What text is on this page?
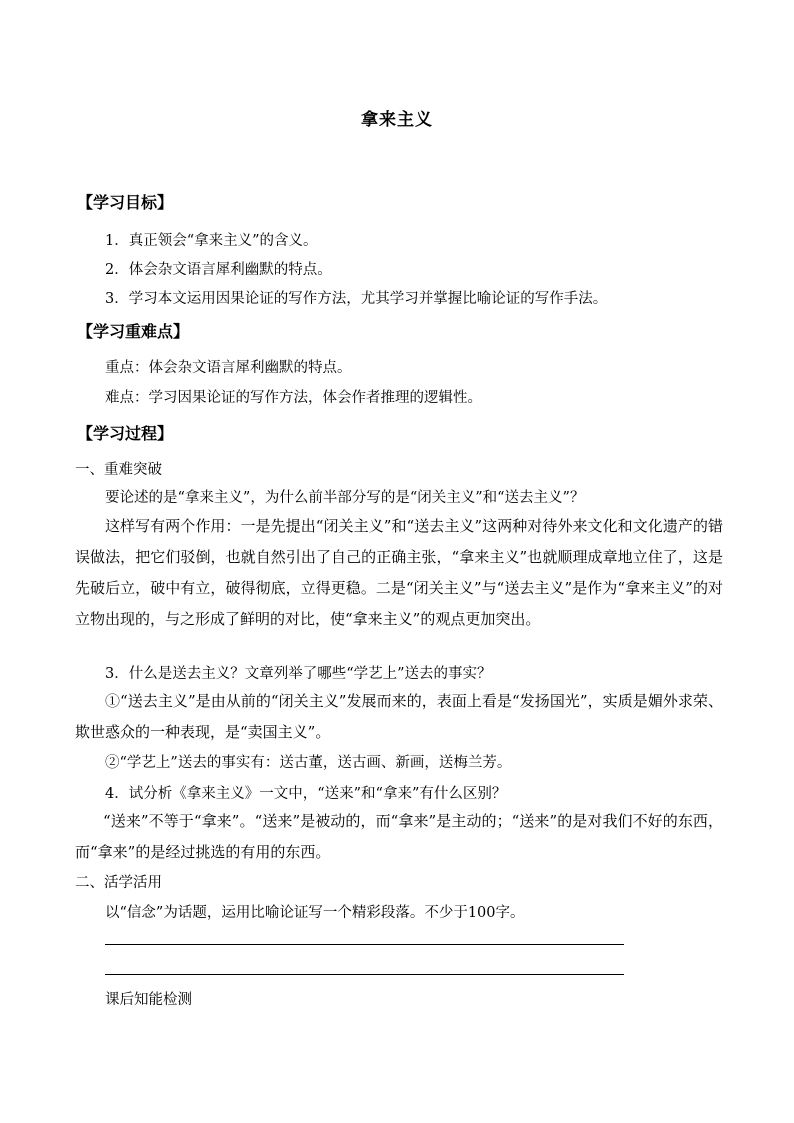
拿来主义
【学习目标】
1．真正领会“拿来主义”的含义。
2．体会杂文语言犀利幽默的特点。
3．学习本文运用因果论证的写作方法，尤其学习并掌握比喻论证的写作手法。
【学习重难点】
重点：体会杂文语言犀利幽默的特点。
难点：学习因果论证的写作方法，体会作者推理的逻辑性。
【学习过程】
一、重难突破
要论述的是“拿来主义”，为什么前半部分写的是“闭关主义”和“送去主义”？
这样写有两个作用：一是先提出“闭关主义”和“送去主义”这两种对待外来文化和文化遗产的错误做法，把它们驳倒，也就自然引出了自己的正确主张，“拿来主义”也就顺理成章地立住了，这是先破后立，破中有立，破得彻底，立得更稳。二是“闭关主义”与“送去主义”是作为“拿来主义”的对立物出现的，与之形成了鲜明的对比，使“拿来主义”的观点更加突出。
3．什么是送去主义？文章列举了哪些“学艺上”送去的事实？
①“送去主义”是由从前的“闭关主义”发展而来的，表面上看是“发扬国光”，实质是媚外求荣、欺世惑众的一种表现，是“卖国主义”。
②“学艺上”送去的事实有：送古董，送古画、新画，送梅兰芳。
4．试分析《拿来主义》一文中，“送来”和“拿来”有什么区别？
“送来”不等于“拿来”。“送来”是被动的，而“拿来”是主动的；“送来”的是对我们不好的东西，而“拿来”的是经过挑选的有用的东西。
二、活学活用
以“信念”为话题，运用比喻论证写一个精彩段落。不少于100字。
课后知能检测
